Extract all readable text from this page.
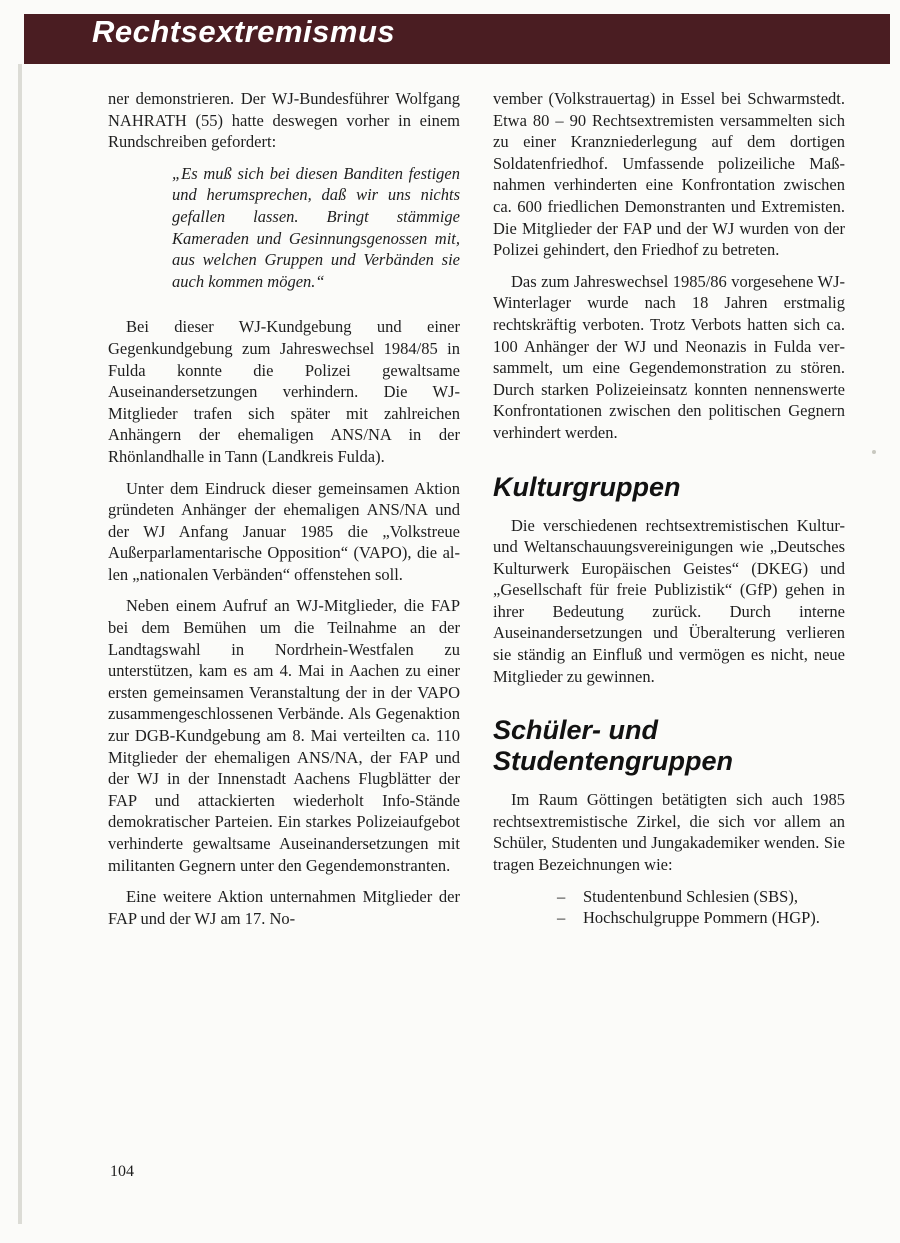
Rechtsextremismus

ner demonstrieren. Der WJ-Bundesführer Wolfgang NAHRATH (55) hatte deswegen vorher in einem Rundschreiben gefordert:

„Es muß sich bei diesen Banditen festigen und herumsprechen, daß wir uns nichts gefallen lassen. Bringt stämmige Kameraden und Gesinnungsgenossen mit, aus welchen Gruppen und Verbänden sie auch kommen mögen.“

Bei dieser WJ-Kundgebung und einer Gegenkundgebung zum Jahreswechsel 1984/85 in Fulda konnte die Polizei gewaltsame Auseinandersetzungen verhindern. Die WJ-Mitglieder trafen sich später mit zahlreichen Anhängern der ehemaligen ANS/NA in der Rhönlandhalle in Tann (Landkreis Fulda).

Unter dem Eindruck dieser gemeinsamen Aktion gründeten Anhänger der ehemaligen ANS/NA und der WJ Anfang Januar 1985 die „Volkstreue Außerparlamentarische Opposition“ (VAPO), die allen „nationalen Verbänden“ offenstehen soll.

Neben einem Aufruf an WJ-Mitglieder, die FAP bei dem Bemühen um die Teilnahme an der Landtagswahl in Nordrhein-Westfalen zu unterstützen, kam es am 4. Mai in Aachen zu einer ersten gemeinsamen Veranstaltung der in der VAPO zusammengeschlossenen Verbände. Als Gegenaktion zur DGB-Kundgebung am 8. Mai verteilten ca. 110 Mitglieder der ehemaligen ANS/NA, der FAP und der WJ in der Innenstadt Aachens Flugblätter der FAP und attackierten wiederholt Info-Stände demokratischer Parteien. Ein starkes Polizeiaufgebot verhinderte gewaltsame Auseinandersetzungen mit militanten Gegnern unter den Gegendemonstranten.

Eine weitere Aktion unternahmen Mitglieder der FAP und der WJ am 17. No-

vember (Volkstrauertag) in Essel bei Schwarmstedt. Etwa 80 – 90 Rechtsextremisten versammelten sich zu einer Kranzniederlegung auf dem dortigen Soldatenfriedhof. Umfassende polizeiliche Maßnahmen verhinderten eine Konfrontation zwischen ca. 600 friedlichen Demonstranten und Extremisten. Die Mitglieder der FAP und der WJ wurden von der Polizei gehindert, den Friedhof zu betreten.

Das zum Jahreswechsel 1985/86 vorgesehene WJ-Winterlager wurde nach 18 Jahren erstmalig rechtskräftig verboten. Trotz Verbots hatten sich ca. 100 Anhänger der WJ und Neonazis in Fulda versammelt, um eine Gegendemonstration zu stören. Durch starken Polizeieinsatz konnten nennenswerte Konfrontationen zwischen den politischen Gegnern verhindert werden.

Kulturgruppen

Die verschiedenen rechtsextremistischen Kultur- und Weltanschauungsvereinigungen wie „Deutsches Kulturwerk Europäischen Geistes“ (DKEG) und „Gesellschaft für freie Publizistik“ (GfP) gehen in ihrer Bedeutung zurück. Durch interne Auseinandersetzungen und Überalterung verlieren sie ständig an Einfluß und vermögen es nicht, neue Mitglieder zu gewinnen.

Schüler- und
Studentengruppen

Im Raum Göttingen betätigten sich auch 1985 rechtsextremistische Zirkel, die sich vor allem an Schüler, Studenten und Jungakademiker wenden. Sie tragen Bezeichnungen wie:

– Studentenbund Schlesien (SBS),
– Hochschulgruppe Pommern (HGP).
104
